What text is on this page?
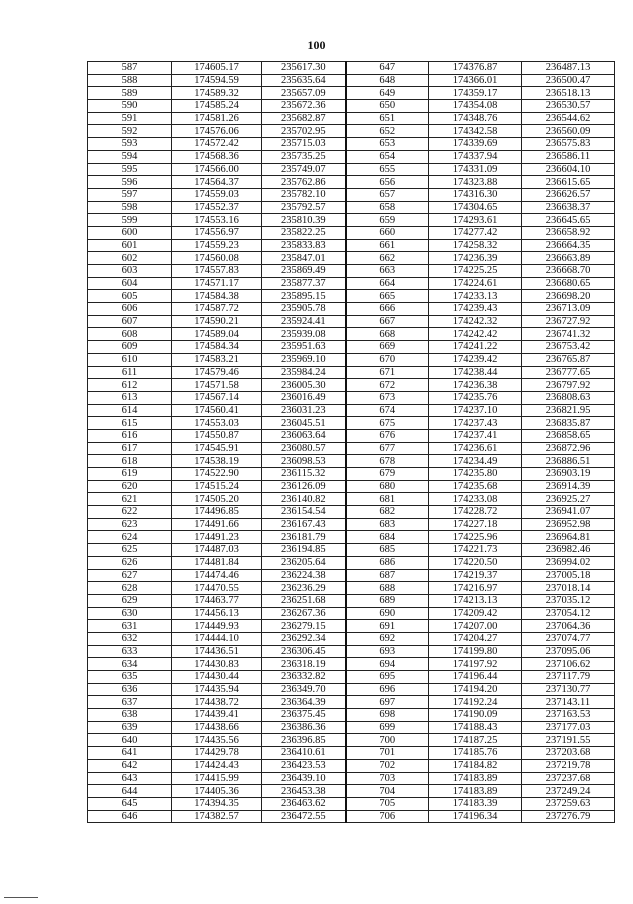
100
587	174605.17	235617.30	647	174376.87	236487.13
588	174594.59	235635.64	648	174366.01	236500.47
589	174589.32	235657.09	649	174359.17	236518.13
590	174585.24	235672.36	650	174354.08	236530.57
591	174581.26	235682.87	651	174348.76	236544.62
592	174576.06	235702.95	652	174342.58	236560.09
593	174572.42	235715.03	653	174339.69	236575.83
594	174568.36	235735.25	654	174337.94	236586.11
595	174566.00	235749.07	655	174331.09	236604.10
596	174564.37	235762.86	656	174323.88	236615.65
597	174559.03	235782.10	657	174316.30	236626.57
598	174552.37	235792.57	658	174304.65	236638.37
599	174553.16	235810.39	659	174293.61	236645.65
600	174556.97	235822.25	660	174277.42	236658.92
601	174559.23	235833.83	661	174258.32	236664.35
602	174560.08	235847.01	662	174236.39	236663.89
603	174557.83	235869.49	663	174225.25	236668.70
604	174571.17	235877.37	664	174224.61	236680.65
605	174584.38	235895.15	665	174233.13	236698.20
606	174587.72	235905.78	666	174239.43	236713.09
607	174590.21	235924.41	667	174242.32	236727.92
608	174589.04	235939.08	668	174242.42	236741.32
609	174584.34	235951.63	669	174241.22	236753.42
610	174583.21	235969.10	670	174239.42	236765.87
611	174579.46	235984.24	671	174238.44	236777.65
612	174571.58	236005.30	672	174236.38	236797.92
613	174567.14	236016.49	673	174235.76	236808.63
614	174560.41	236031.23	674	174237.10	236821.95
615	174553.03	236045.51	675	174237.43	236835.87
616	174550.87	236063.64	676	174237.41	236858.65
617	174545.91	236080.57	677	174236.61	236872.96
618	174538.19	236098.53	678	174234.49	236886.51
619	174522.90	236115.32	679	174235.80	236903.19
620	174515.24	236126.09	680	174235.68	236914.39
621	174505.20	236140.82	681	174233.08	236925.27
622	174496.85	236154.54	682	174228.72	236941.07
623	174491.66	236167.43	683	174227.18	236952.98
624	174491.23	236181.79	684	174225.96	236964.81
625	174487.03	236194.85	685	174221.73	236982.46
626	174481.84	236205.64	686	174220.50	236994.02
627	174474.46	236224.38	687	174219.37	237005.18
628	174470.55	236236.29	688	174216.97	237018.14
629	174463.77	236251.68	689	174213.13	237035.12
630	174456.13	236267.36	690	174209.42	237054.12
631	174449.93	236279.15	691	174207.00	237064.36
632	174444.10	236292.34	692	174204.27	237074.77
633	174436.51	236306.45	693	174199.80	237095.06
634	174430.83	236318.19	694	174197.92	237106.62
635	174430.44	236332.82	695	174196.44	237117.79
636	174435.94	236349.70	696	174194.20	237130.77
637	174438.72	236364.39	697	174192.24	237143.11
638	174439.41	236375.45	698	174190.09	237163.53
639	174438.66	236386.36	699	174188.43	237177.03
640	174435.56	236396.85	700	174187.25	237191.55
641	174429.78	236410.61	701	174185.76	237203.68
642	174424.43	236423.53	702	174184.82	237219.78
643	174415.99	236439.10	703	174183.89	237237.68
644	174405.36	236453.38	704	174183.89	237249.24
645	174394.35	236463.62	705	174183.39	237259.63
646	174382.57	236472.55	706	174196.34	237276.79
